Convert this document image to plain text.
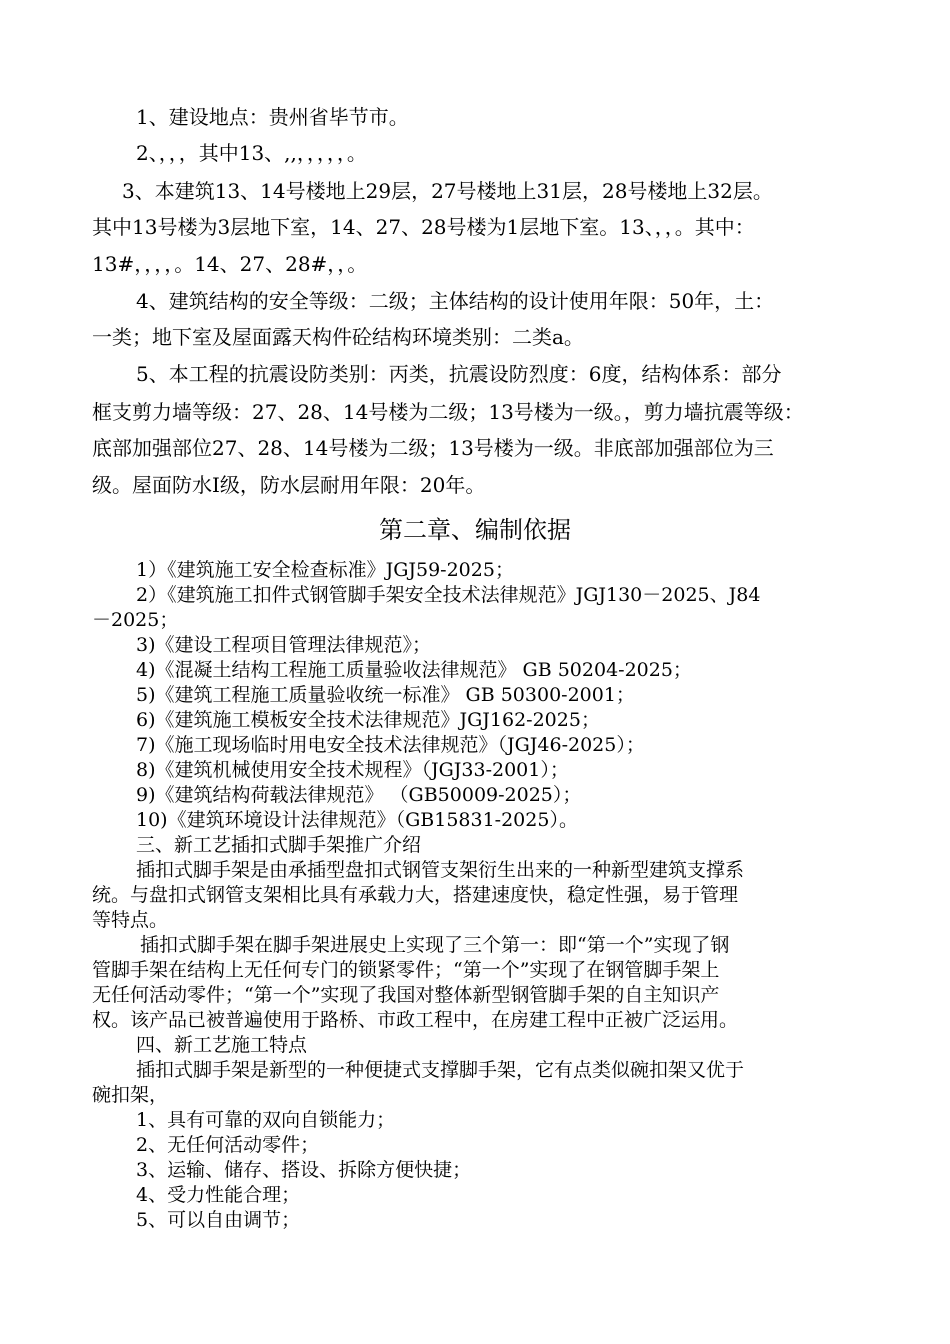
1、建设地点：贵州省毕节市。
2、，，，其中13、,,，，，，，。
3、本建筑13、14号楼地上29层，27号楼地上31层，28号楼地上32层。
其中13号楼为3层地下室，14、27、28号楼为1层地下室。13、，，。其中：
13#，，，，。14、27、28#，，。
4、建筑结构的安全等级：二级；主体结构的设计使用年限：50年，土：
一类；地下室及屋面露天构件砼结构环境类别：二类a。
5、本工程的抗震设防类别：丙类，抗震设防烈度：6度，结构体系：部分
框支剪力墙等级：27、28、14号楼为二级；13号楼为一级。，剪力墙抗震等级：
底部加强部位27、28、14号楼为二级；13号楼为一级。非底部加强部位为三
级。屋面防水Ⅰ级，防水层耐用年限：20年。
第二章、编制依据
1）《建筑施工安全检查标准》JGJ59-2025；
2）《建筑施工扣件式钢管脚手架安全技术法律规范》JGJ130－2025、J84
－2025；
3)《建设工程项目管理法律规范》；
4)《混凝土结构工程施工质量验收法律规范》 GB 50204-2025；
5)《建筑工程施工质量验收统一标准》 GB 50300-2001；
6)《建筑施工模板安全技术法律规范》JGJ162-2025；
7)《施工现场临时用电安全技术法律规范》（JGJ46-2025）；
8)《建筑机械使用安全技术规程》（JGJ33-2001）；
9)《建筑结构荷载法律规范》 （GB50009-2025）；
10)《建筑环境设计法律规范》（GB15831-2025）。
三、新工艺插扣式脚手架推广介绍
插扣式脚手架是由承插型盘扣式钢管支架衍生出来的一种新型建筑支撑系
统。与盘扣式钢管支架相比具有承载力大，搭建速度快，稳定性强，易于管理
等特点。
插扣式脚手架在脚手架进展史上实现了三个第一：即“第一个”实现了钢
管脚手架在结构上无任何专门的锁紧零件；“第一个”实现了在钢管脚手架上
无任何活动零件；“第一个”实现了我国对整体新型钢管脚手架的自主知识产
权。该产品已被普遍使用于路桥、市政工程中，在房建工程中正被广泛运用。
四、新工艺施工特点
插扣式脚手架是新型的一种便捷式支撑脚手架，它有点类似碗扣架又优于
碗扣架，
1、具有可靠的双向自锁能力；
2、无任何活动零件；
3、运输、储存、搭设、拆除方便快捷；
4、受力性能合理；
5、可以自由调节；
